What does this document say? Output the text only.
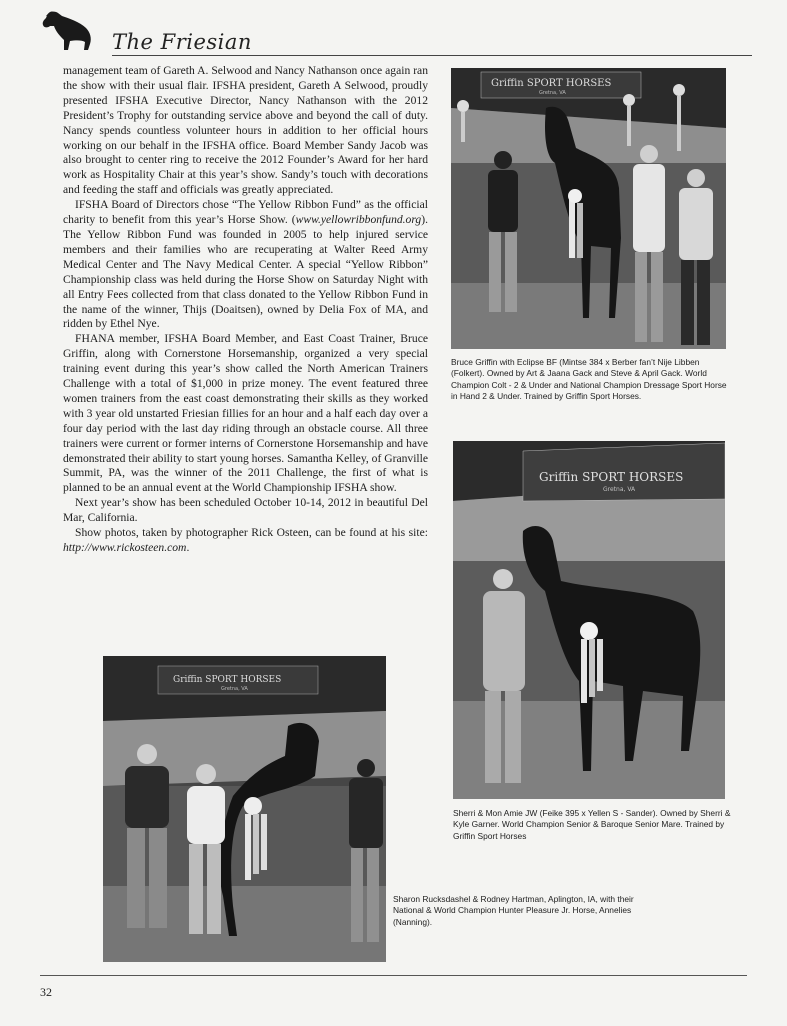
The Friesian

management team of Gareth A. Selwood and Nancy Nathanson once again ran the show with their usual flair. IFSHA president, Gareth A Selwood, proudly presented IFSHA Executive Director, Nancy Nathanson with the 2012 President’s Trophy for outstanding service above and beyond the call of duty. Nancy spends countless volunteer hours in addition to her official hours working on our behalf in the IFSHA office. Board Member Sandy Jacob was also brought to center ring to receive the 2012 Founder’s Award for her hard work as Hospitality Chair at this year’s show. Sandy’s touch with decorations and feeding the staff and officials was greatly appreciated.

IFSHA Board of Directors chose “The Yellow Ribbon Fund” as the official charity to benefit from this year’s Horse Show. (www.yellowribbonfund.org). The Yellow Ribbon Fund was founded in 2005 to help injured service members and their families who are recuperating at Walter Reed Army Medical Center and The Navy Medical Center. A special “Yellow Ribbon” Championship class was held during the Horse Show on Saturday Night with all Entry Fees collected from that class donated to the Yellow Ribbon Fund in the name of the winner, Thijs (Doaitsen), owned by Delia Fox of MA, and ridden by Ethel Nye.

FHANA member, IFSHA Board Member, and East Coast Trainer, Bruce Griffin, along with Cornerstone Horsemanship, organized a very special training event during this year’s show called the North American Trainers Challenge with a total of $1,000 in prize money. The event featured three women trainers from the east coast demonstrating their skills as they worked with 3 year old unstarted Friesian fillies for an hour and a half each day over a four day period with the last day riding through an obstacle course. All three trainers were current or former interns of Cornerstone Horsemanship and have demonstrated their ability to start young horses. Samantha Kelley, of Granville Summit, PA, was the winner of the 2011 Challenge, the first of what is planned to be an annual event at the World Championship IFSHA show.

Next year’s show has been scheduled October 10-14, 2012 in beautiful Del Mar, California.

Show photos, taken by photographer Rick Osteen, can be found at his site: http://www.rickosteen.com.

Griffin SPORT HORSES
Gretna, VA
Bruce Griffin with Eclipse BF (Mintse 384 x Berber fan’t Nije Libben (Folkert). Owned by Art & Jaana Gack and Steve & April Gack. World Champion Colt - 2 & Under and National Champion Dressage Sport Horse in Hand 2 & Under. Trained by Griffin Sport Horses.
Griffin SPORT HORSES
Gretna, VA
Sherri & Mon Amie JW (Feike 395 x Yellen S - Sander). Owned by Sherri & Kyle Garner. World Champion Senior & Baroque Senior Mare. Trained by Griffin Sport Horses
Griffin SPORT HORSES
Gretna, VA
Sharon Rucksdashel & Rodney Hartman, Aplington, IA, with their National & World Champion Hunter Pleasure Jr. Horse, Annelies (Nanning).
32
